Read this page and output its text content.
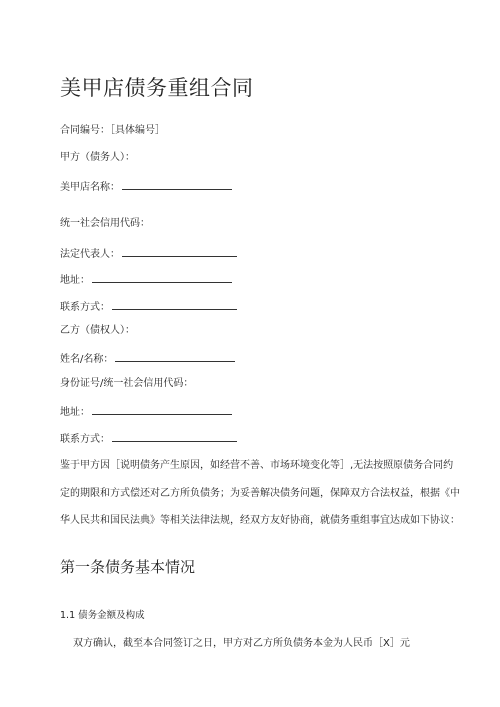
美甲店债务重组合同
合同编号：［具体编号］
甲方（债务人）：
美甲店名称：
统一社会信用代码：
法定代表人：
地址：
联系方式：
乙方（债权人）：
姓名/名称：
身份证号/统一社会信用代码：
地址：
联系方式：
鉴于甲方因［说明债务产生原因，如经营不善、市场环境变化等］,无法按照原债务合同约
定的期限和方式偿还对乙方所负债务；为妥善解决债务问题，保障双方合法权益，根据《中
华人民共和国民法典》等相关法律法规，经双方友好协商，就债务重组事宜达成如下协议：
第一条债务基本情况
1.1 债务金额及构成
双方确认，截至本合同签订之日，甲方对乙方所负债务本金为人民币［X］元
